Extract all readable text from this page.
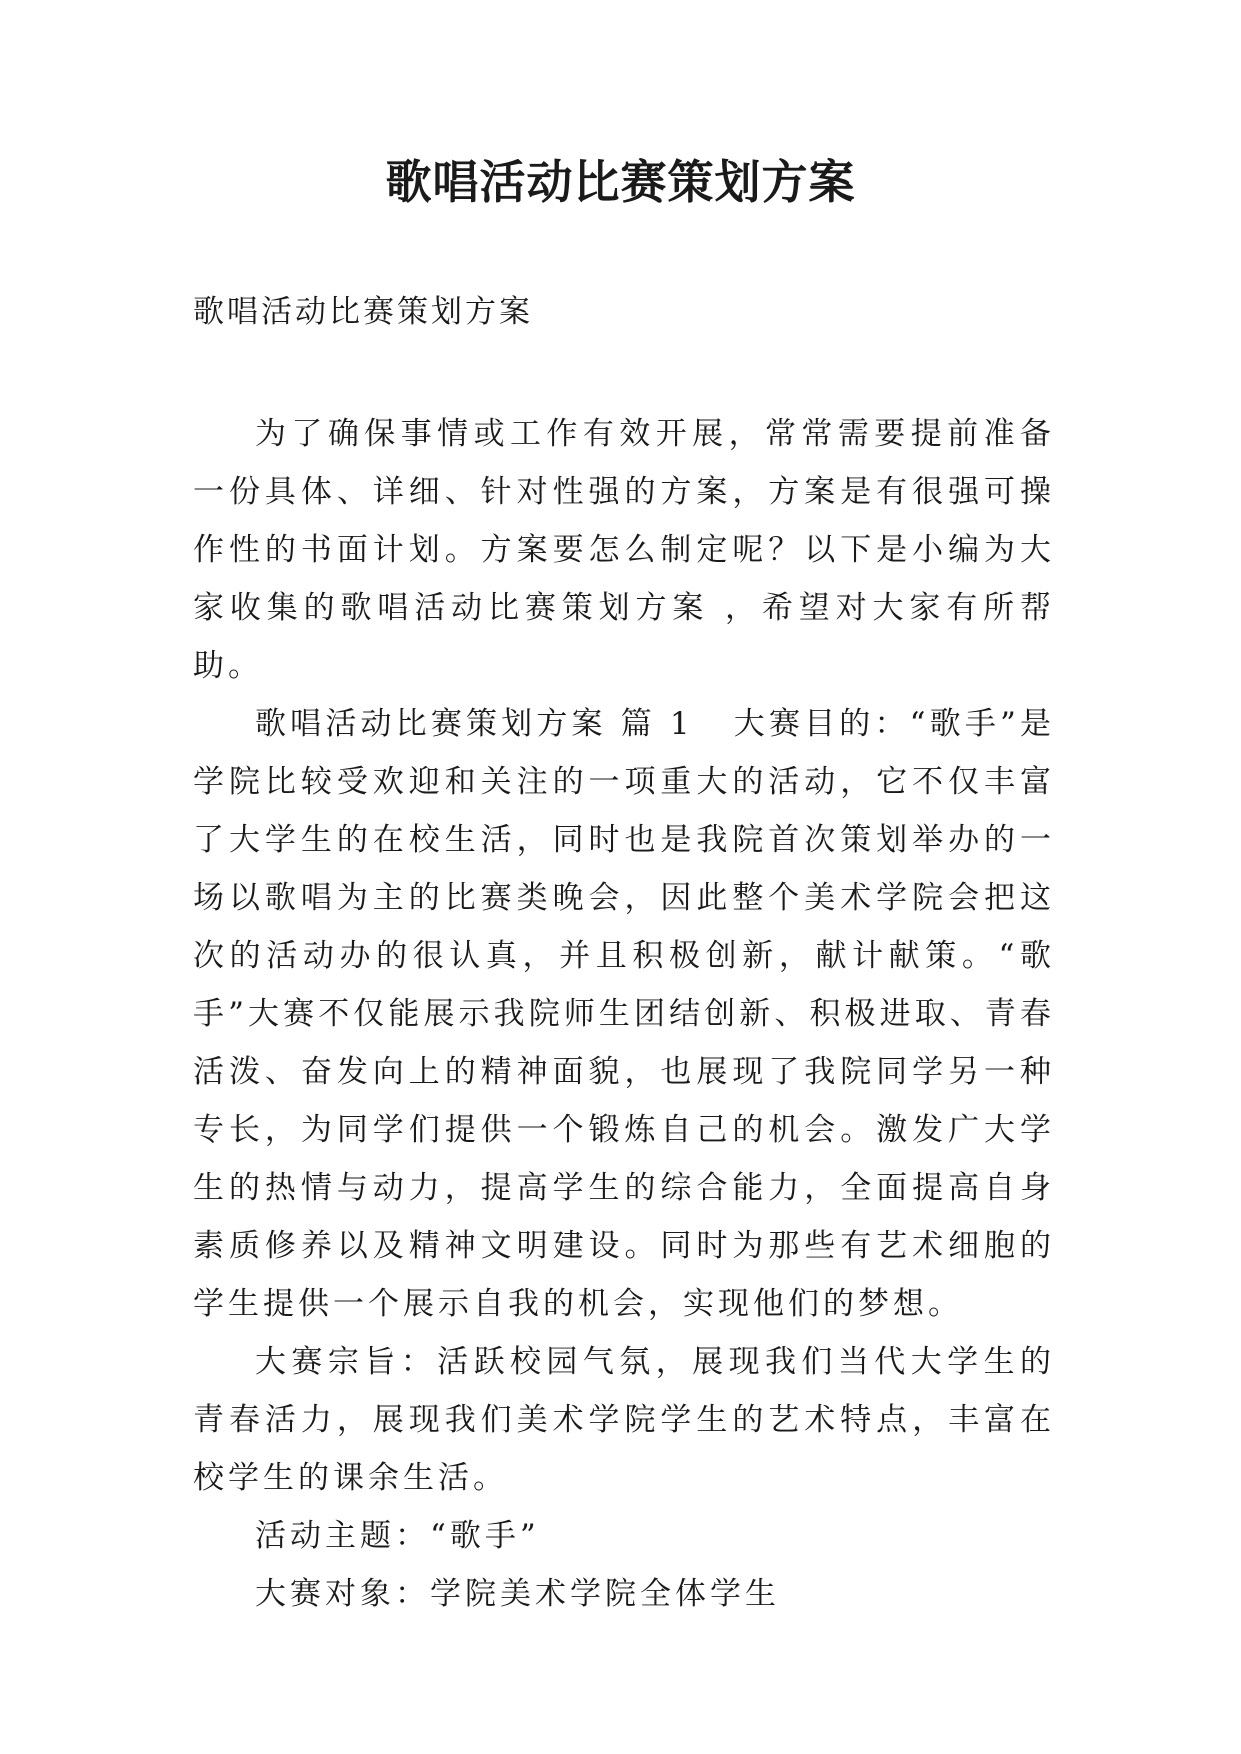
歌唱活动比赛策划方案

歌唱活动比赛策划方案

为了确保事情或工作有效开展，常常需要提前准备一份具体、详细、针对性强的方案，方案是有很强可操作性的书面计划。方案要怎么制定呢？以下是小编为大家收集的歌唱活动比赛策划方案 ，希望对大家有所帮助。

歌唱活动比赛策划方案 篇 1 大赛目的：“歌手”是学院比较受欢迎和关注的一项重大的活动，它不仅丰富了大学生的在校生活，同时也是我院首次策划举办的一场以歌唱为主的比赛类晚会，因此整个美术学院会把这次的活动办的很认真，并且积极创新，献计献策。“歌手”大赛不仅能展示我院师生团结创新、积极进取、青春活泼、奋发向上的精神面貌，也展现了我院同学另一种专长，为同学们提供一个锻炼自己的机会。激发广大学生的热情与动力，提高学生的综合能力，全面提高自身素质修养以及精神文明建设。同时为那些有艺术细胞的学生提供一个展示自我的机会，实现他们的梦想。

大赛宗旨：活跃校园气氛，展现我们当代大学生的青春活力，展现我们美术学院学生的艺术特点，丰富在校学生的课余生活。

活动主题：“歌手”

大赛对象：学院美术学院全体学生
